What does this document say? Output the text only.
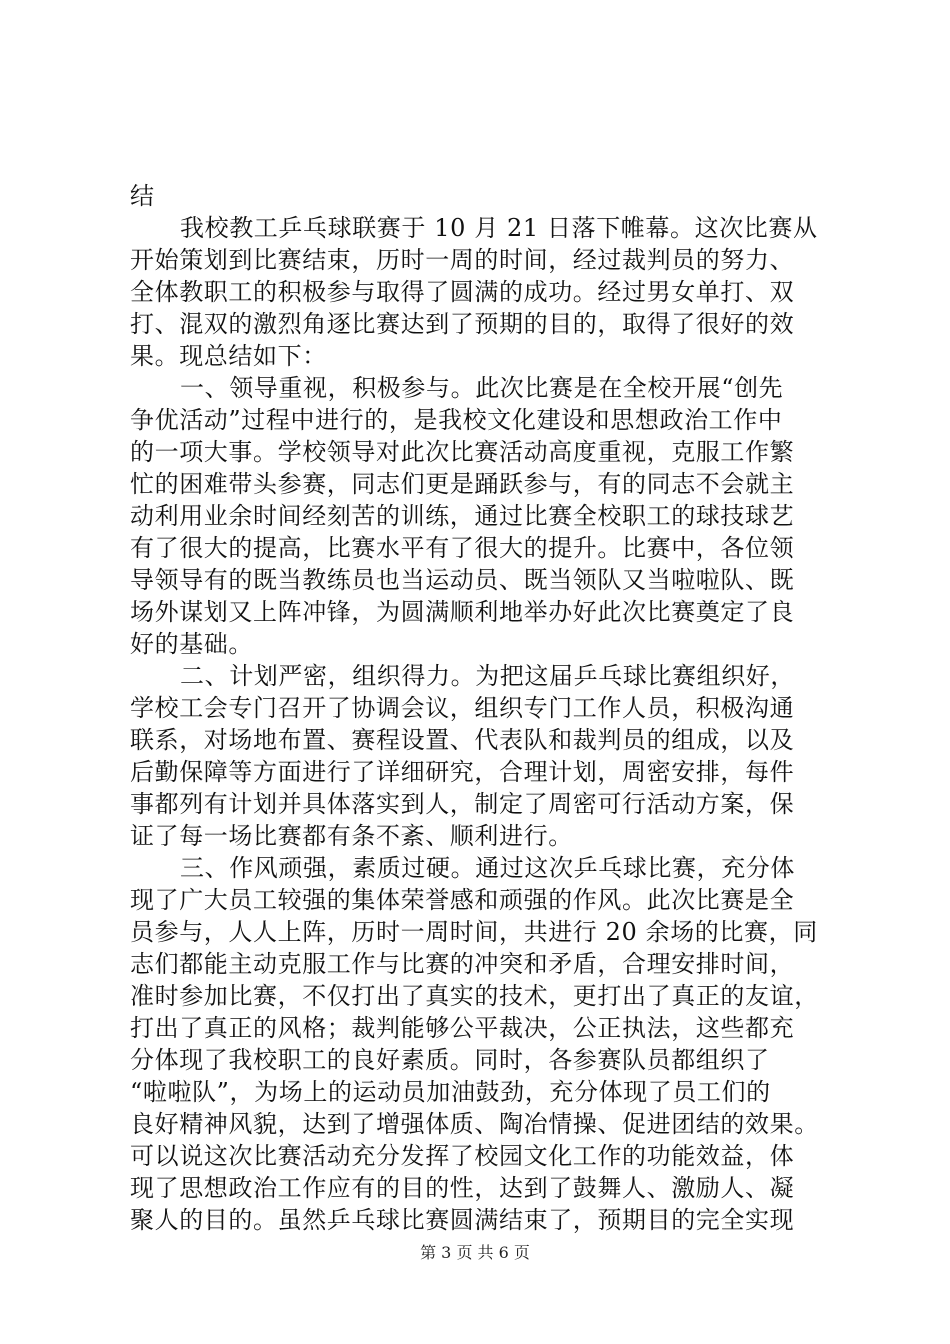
结
我校教工乒乓球联赛于 10 月 21 日落下帷幕。这次比赛从
开始策划到比赛结束，历时一周的时间，经过裁判员的努力、
全体教职工的积极参与取得了圆满的成功。经过男女单打、双
打、混双的激烈角逐比赛达到了预期的目的，取得了很好的效
果。现总结如下：
一、领导重视，积极参与。此次比赛是在全校开展“创先
争优活动”过程中进行的，是我校文化建设和思想政治工作中
的一项大事。学校领导对此次比赛活动高度重视，克服工作繁
忙的困难带头参赛，同志们更是踊跃参与，有的同志不会就主
动利用业余时间经刻苦的训练，通过比赛全校职工的球技球艺
有了很大的提高，比赛水平有了很大的提升。比赛中，各位领
导领导有的既当教练员也当运动员、既当领队又当啦啦队、既
场外谋划又上阵冲锋，为圆满顺利地举办好此次比赛奠定了良
好的基础。
二、计划严密，组织得力。为把这届乒乓球比赛组织好，
学校工会专门召开了协调会议，组织专门工作人员，积极沟通
联系，对场地布置、赛程设置、代表队和裁判员的组成，以及
后勤保障等方面进行了详细研究，合理计划，周密安排，每件
事都列有计划并具体落实到人，制定了周密可行活动方案，保
证了每一场比赛都有条不紊、顺利进行。
三、作风顽强，素质过硬。通过这次乒乓球比赛，充分体
现了广大员工较强的集体荣誉感和顽强的作风。此次比赛是全
员参与，人人上阵，历时一周时间，共进行 20 余场的比赛，同
志们都能主动克服工作与比赛的冲突和矛盾，合理安排时间，
准时参加比赛，不仅打出了真实的技术，更打出了真正的友谊，
打出了真正的风格；裁判能够公平裁决，公正执法，这些都充
分体现了我校职工的良好素质。同时，各参赛队员都组织了
“啦啦队”，为场上的运动员加油鼓劲，充分体现了员工们的
良好精神风貌，达到了增强体质、陶冶情操、促进团结的效果。
可以说这次比赛活动充分发挥了校园文化工作的功能效益，体
现了思想政治工作应有的目的性，达到了鼓舞人、激励人、凝
聚人的目的。虽然乒乓球比赛圆满结束了，预期目的完全实现
第 3 页 共 6 页
